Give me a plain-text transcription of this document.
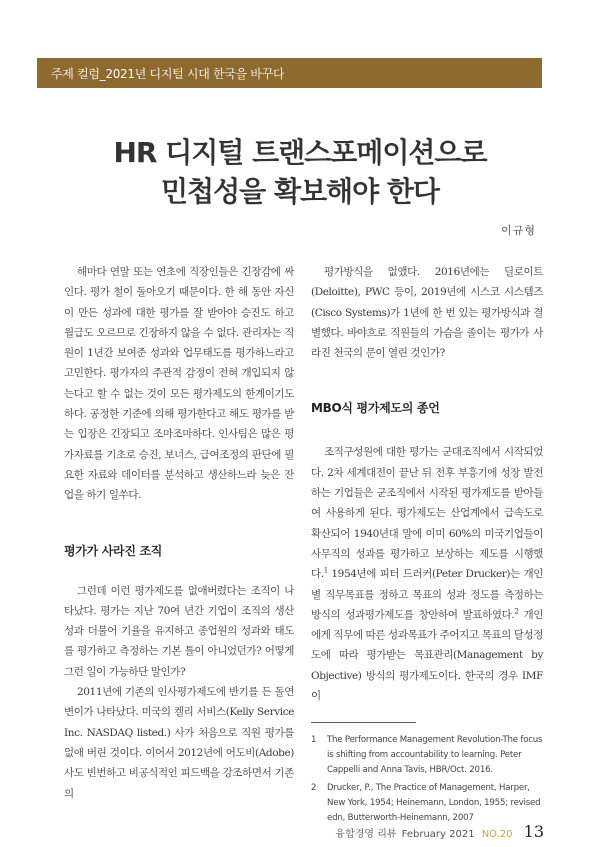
주제 컬럼_2021년 디지털 시대 한국을 바꾸다
HR 디지털 트랜스포메이션으로
민첩성을 확보해야 한다
이규형

해마다 연말 또는 연초에 직장인들은 긴장감에 싸인다. 평가 철이 돌아오기 때문이다. 한 해 동안 자신이 만든 성과에 대한 평가를 잘 받아야 승진도 하고 월급도 오르므로 긴장하지 않을 수 없다. 관리자는 직원이 1년간 보여준 성과와 업무태도를 평가하느라고 고민한다. 평가자의 주관적 감정이 전혀 개입되지 않는다고 할 수 없는 것이 모든 평가제도의 한계이기도 하다. 공정한 기준에 의해 평가한다고 해도 평가를 받는 입장은 긴장되고 조마조마하다. 인사팀은 많은 평가자료를 기초로 승진, 보너스, 급여조정의 판단에 필요한 자료와 데이터를 분석하고 생산하느라 늦은 잔업을 하기 일쑤다.

평가가 사라진 조직

그런데 이런 평가제도를 없애버렸다는 조직이 나타났다. 평가는 지난 70여 년간 기업이 조직의 생산성과 더불어 기율을 유지하고 종업원의 성과와 태도를 평가하고 측정하는 기본 틀이 아니었던가? 어떻게 그런 일이 가능하단 말인가?

2011년에 기존의 인사평가제도에 반기를 든 돌연변이가 나타났다. 미국의 켈리 서비스(Kelly Service Inc. NASDAQ listed.) 사가 처음으로 직원 평가를 없애 버린 것이다. 이어서 2012년에 어도비(Adobe)사도 빈번하고 비공식적인 피드백을 강조하면서 기존의

평가방식을 없앴다. 2016년에는 딜로이트(Deloitte), PWC 등이, 2019년에 시스코 시스템즈(Cisco Systems)가 1년에 한 번 있는 평가방식과 결별했다. 바야흐로 직원들의 가슴을 졸이는 평가가 사라진 천국의 문이 열린 것인가?

MBO식 평가제도의 종언

조직구성원에 대한 평가는 군대조직에서 시작되었다. 2차 세계대전이 끝난 뒤 전후 부흥기에 성장 발전하는 기업들은 군조직에서 시작된 평가제도를 받아들여 사용하게 된다. 평가제도는 산업계에서 급속도로 확산되어 1940년대 말에 이미 60%의 미국기업들이 사무직의 성과를 평가하고 보상하는 제도를 시행했다.$^1$ 1954년에 피터 드러커(Peter Drucker)는 개인별 직무목표를 정하고 목표의 성과 정도를 측정하는 방식의 성과평가제도를 창안하여 발표하였다.$^2$ 개인에게 직무에 따른 성과목표가 주어지고 목표의 달성정도에 따라 평가받는 목표관리(Management by Objective) 방식의 평가제도이다. 한국의 경우 IMF 이

1	The Performance Management Revolution-The focus is shifting from accountability to learning. Peter Cappelli and Anna Tavis, HBR/Oct. 2016.
2	Drucker, P., The Practice of Management, Harper, New York, 1954; Heinemann, London, 1955; revised edn, Butterworth-Heinemann, 2007
융합경영 리뷰 February 2021 NO.20 13
